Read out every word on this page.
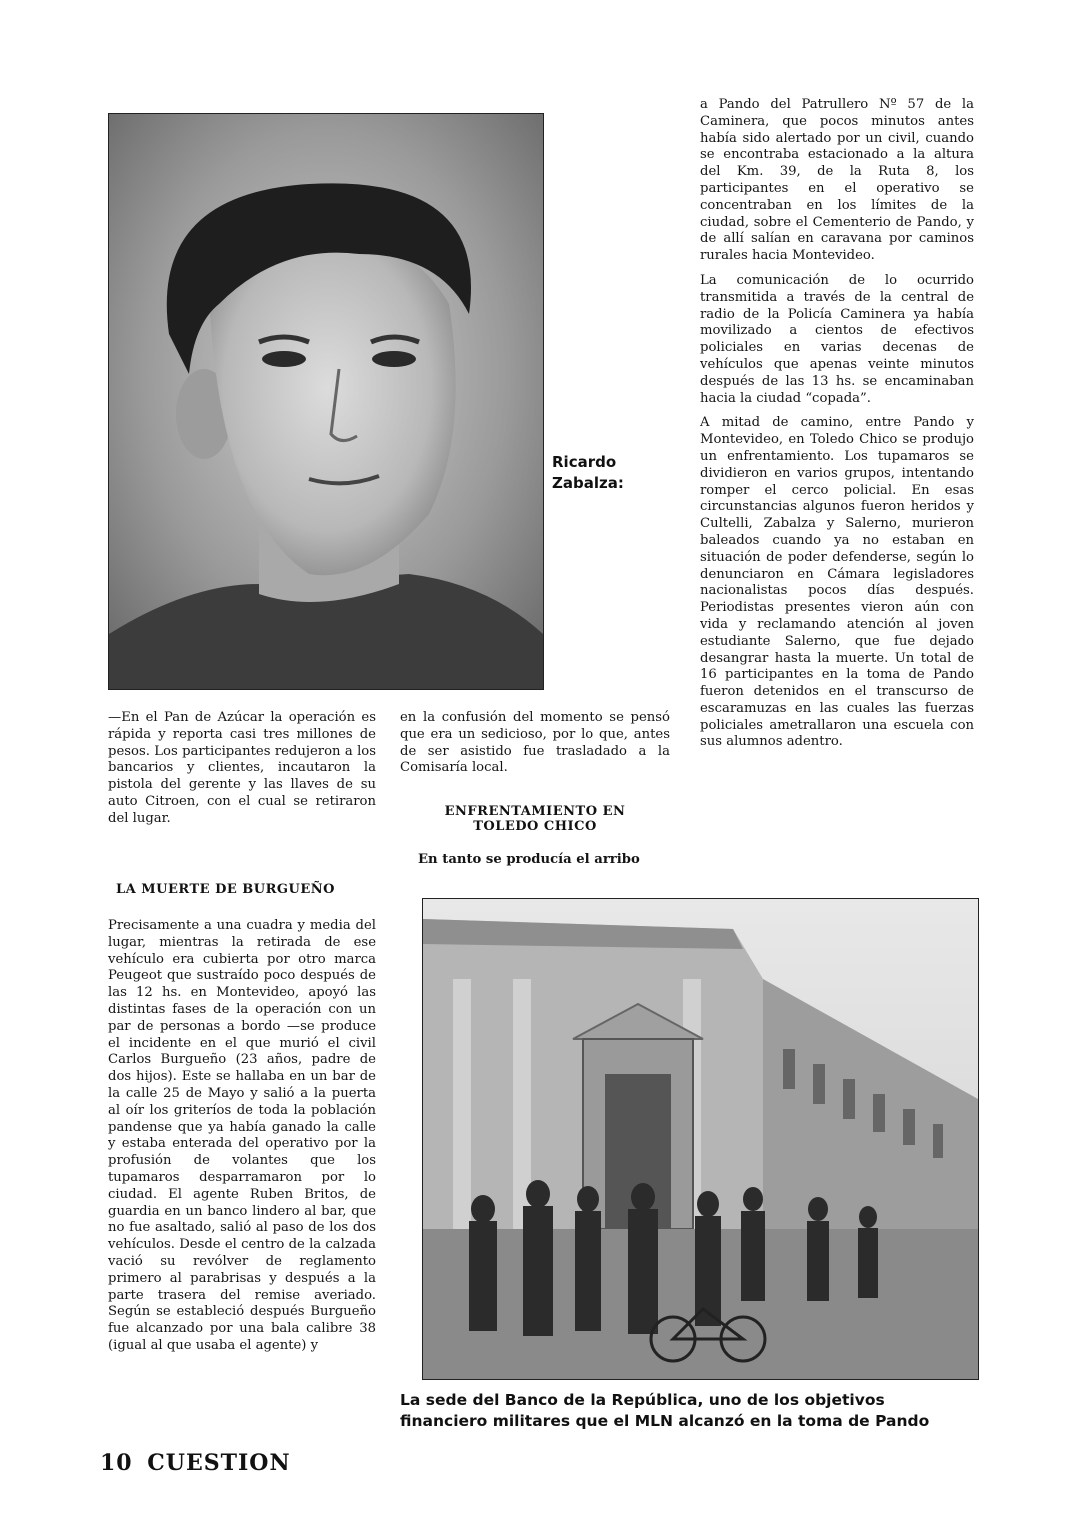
Ricardo Zabalza:
—En el Pan de Azúcar la operación es rápida y reporta casi tres millones de pesos. Los participantes redujeron a los bancarios y clientes, incautaron la pistola del gerente y las llaves de su auto Citroen, con el cual se retiraron del lugar.
LA MUERTE DE BURGUEÑO
Precisamente a una cuadra y media del lugar, mientras la retirada de ese vehículo era cubierta por otro marca Peugeot que sustraído poco después de las 12 hs. en Montevideo, apoyó las distintas fases de la operación con un par de personas a bordo —se produce el incidente en el que murió el civil Carlos Burgueño (23 años, padre de dos hijos). Este se hallaba en un bar de la calle 25 de Mayo y salió a la puerta al oír los griteríos de toda la población pandense que ya había ganado la calle y estaba enterada del operativo por la profusión de volantes que los tupamaros desparramaron por lo ciudad. El agente Ruben Britos, de guardia en un banco lindero al bar, que no fue asaltado, salió al paso de los dos vehículos. Desde el centro de la calzada vació su revólver de reglamento primero al parabrisas y después a la parte trasera del remise averiado. Según se estableció después Burgueño fue alcanzado por una bala calibre 38 (igual al que usaba el agente) y
en la confusión del momento se pensó que era un sedicioso, por lo que, antes de ser asistido fue trasladado a la Comisaría local.
ENFRENTAMIENTO EN TOLEDO CHICO
En tanto se producía el arribo

a Pando del Patrullero Nº 57 de la Caminera, que pocos minutos antes había sido alertado por un civil, cuando se encontraba estacionado a la altura del Km. 39, de la Ruta 8, los participantes en el operativo se concentraban en los límites de la ciudad, sobre el Cementerio de Pando, y de allí salían en caravana por caminos rurales hacia Montevideo.

La comunicación de lo ocurrido transmitida a través de la central de radio de la Policía Caminera ya había movilizado a cientos de efectivos policiales en varias decenas de vehículos que apenas veinte minutos después de las 13 hs. se encaminaban hacia la ciudad “copada”.

A mitad de camino, entre Pando y Montevideo, en Toledo Chico se produjo un enfrentamiento. Los tupamaros se dividieron en varios grupos, intentando romper el cerco policial. En esas circunstancias algunos fueron heridos y Cultelli, Zabalza y Salerno, murieron baleados cuando ya no estaban en situación de poder defenderse, según lo denunciaron en Cámara legisladores nacionalistas pocos días después. Periodistas presentes vieron aún con vida y reclamando atención al joven estudiante Salerno, que fue dejado desangrar hasta la muerte. Un total de 16 participantes en la toma de Pando fueron detenidos en el transcurso de escaramuzas en las cuales las fuerzas policiales ametrallaron una escuela con sus alumnos adentro.

La sede del Banco de la República, uno de los objetivos financiero militares que el MLN alcanzó en la toma de Pando
10 CUESTION
